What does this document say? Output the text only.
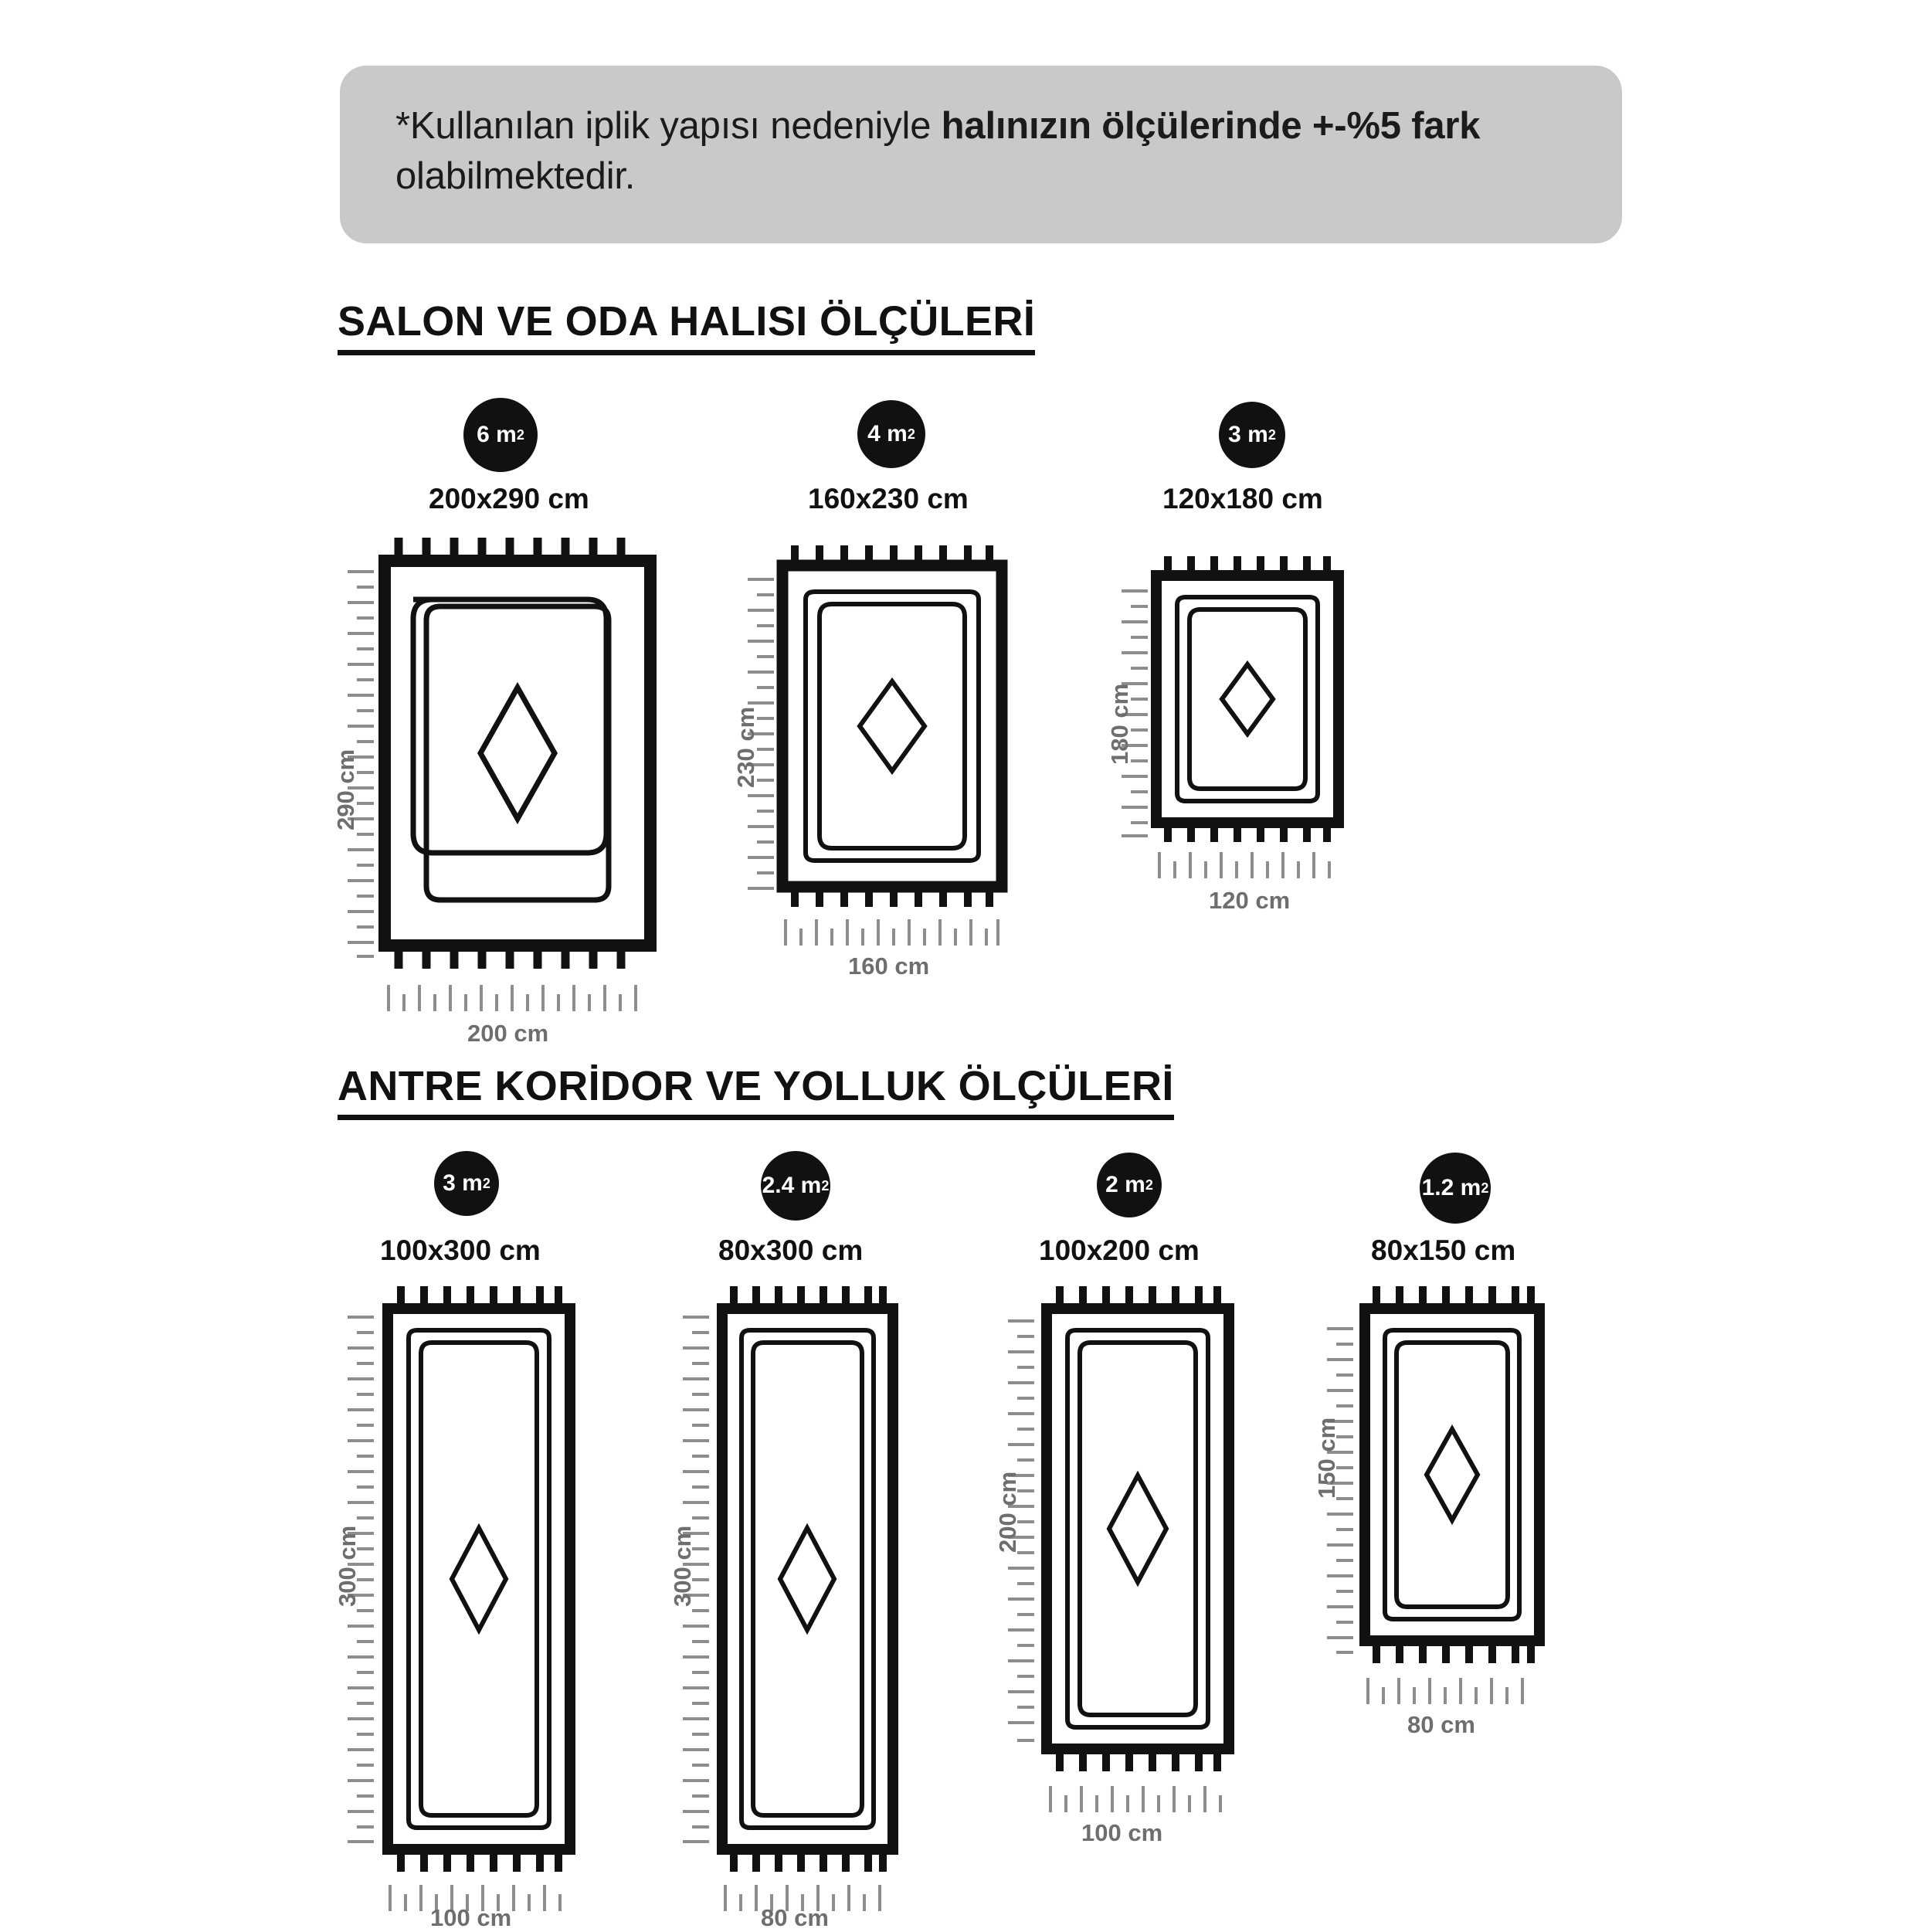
*Kullanılan iplik yapısı nedeniyle halınızın ölçülerinde +-%5 fark olabilmektedir.
SALON VE ODA HALISI ÖLÇÜLERİ
6 m 2
200x290 cm
290 cm
200 cm
4 m 2
160x230 cm
230 cm
160 cm
3 m 2
120x180 cm
180 cm
120 cm
ANTRE KORİDOR VE YOLLUK ÖLÇÜLERİ
3 m 2
100x300 cm
300 cm
100 cm
2.4 m 2
80x300 cm
300 cm
80 cm
2 m 2
100x200 cm
200 cm
100 cm
1.2 m 2
80x150 cm
150 cm
80 cm
